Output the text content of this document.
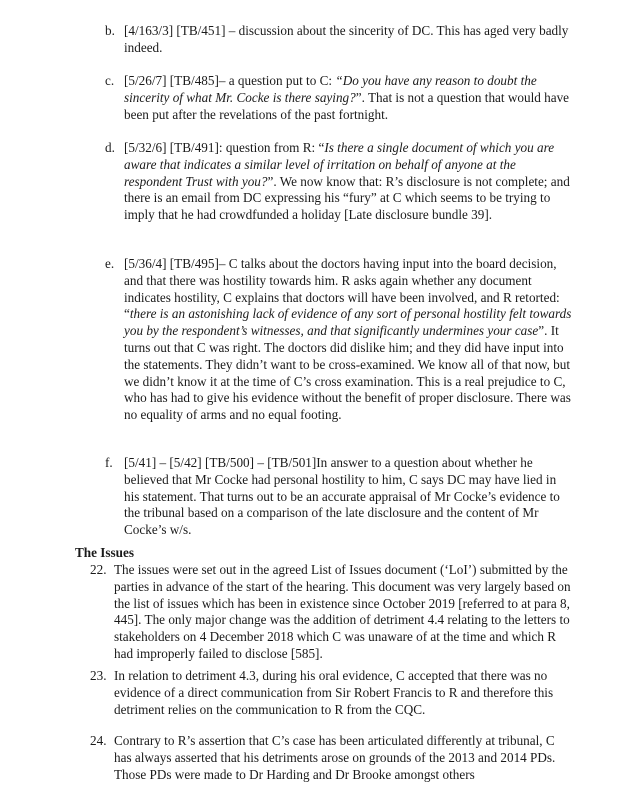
b. [4/163/3] [TB/451] – discussion about the sincerity of DC. This has aged very badly indeed.
c. [5/26/7] [TB/485]– a question put to C: “Do you have any reason to doubt the sincerity of what Mr. Cocke is there saying?”. That is not a question that would have been put after the revelations of the past fortnight.
d. [5/32/6] [TB/491]: question from R: “Is there a single document of which you are aware that indicates a similar level of irritation on behalf of anyone at the respondent Trust with you?”. We now know that: R’s disclosure is not complete; and there is an email from DC expressing his “fury” at C which seems to be trying to imply that he had crowdfunded a holiday [Late disclosure bundle 39].
e. [5/36/4] [TB/495]– C talks about the doctors having input into the board decision, and that there was hostility towards him. R asks again whether any document indicates hostility, C explains that doctors will have been involved, and R retorted: “there is an astonishing lack of evidence of any sort of personal hostility felt towards you by the respondent’s witnesses, and that significantly undermines your case”. It turns out that C was right. The doctors did dislike him; and they did have input into the statements. They didn’t want to be cross-examined. We know all of that now, but we didn’t know it at the time of C’s cross examination. This is a real prejudice to C, who has had to give his evidence without the benefit of proper disclosure. There was no equality of arms and no equal footing.
f. [5/41] – [5/42] [TB/500] – [TB/501]In answer to a question about whether he believed that Mr Cocke had personal hostility to him, C says DC may have lied in his statement. That turns out to be an accurate appraisal of Mr Cocke’s evidence to the tribunal based on a comparison of the late disclosure and the content of Mr Cocke’s w/s.
The Issues
22. The issues were set out in the agreed List of Issues document (‘LoI’) submitted by the parties in advance of the start of the hearing. This document was very largely based on the list of issues which has been in existence since October 2019 [referred to at para 8, 445]. The only major change was the addition of detriment 4.4 relating to the letters to stakeholders on 4 December 2018 which C was unaware of at the time and which R had improperly failed to disclose [585].
23. In relation to detriment 4.3, during his oral evidence, C accepted that there was no evidence of a direct communication from Sir Robert Francis to R and therefore this detriment relies on the communication to R from the CQC.
24. Contrary to R’s assertion that C’s case has been articulated differently at tribunal, C has always asserted that his detriments arose on grounds of the 2013 and 2014 PDs. Those PDs were made to Dr Harding and Dr Brooke amongst others
